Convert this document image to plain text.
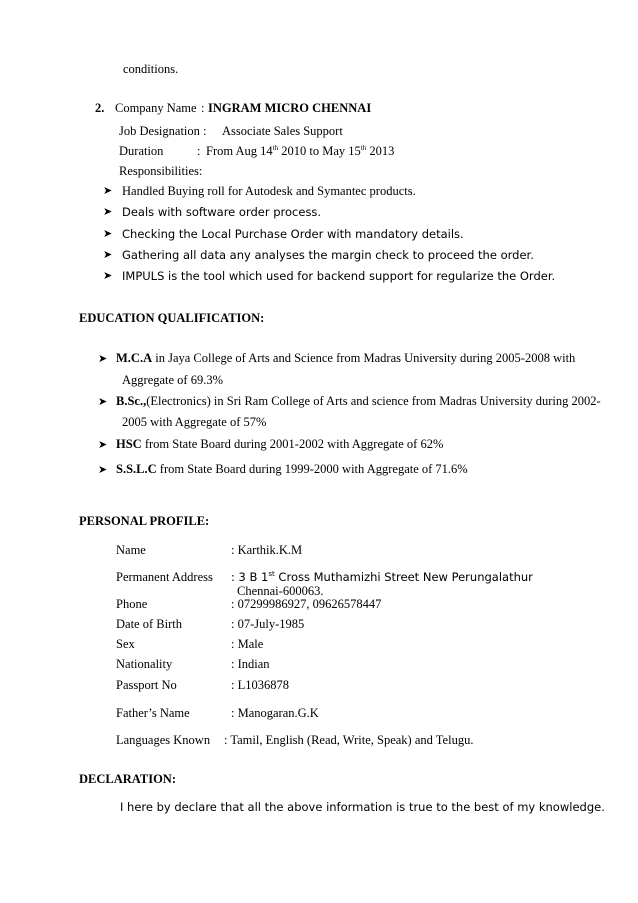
conditions.
2. Company Name : INGRAM MICRO CHENNAI
Job Designation : Associate Sales Support
Duration	: From Aug 14th 2010 to May 15th 2013
Responsibilities:
➤ Handled Buying roll for Autodesk and Symantec products.
➤ Deals with software order process.
➤ Checking the Local Purchase Order with mandatory details.
➤ Gathering all data any analyses the margin check to proceed the order.
➤ IMPULS is the tool which used for backend support for regularize the Order.
EDUCATION QUALIFICATION:
➤ M.C.A in Jaya College of Arts and Science from Madras University during 2005-2008 with
Aggregate of 69.3%
➤ B.Sc.,(Electronics) in Sri Ram College of Arts and science from Madras University during 2002-
2005 with Aggregate of 57%
➤ HSC from State Board during 2001-2002 with Aggregate of 62%
➤ S.S.L.C from State Board during 1999-2000 with Aggregate of 71.6%
PERSONAL PROFILE:
Name	: Karthik.K.M
Permanent Address : 3 B 1st Cross Muthamizhi Street New Perungalathur
Chennai-600063.
Phone	: 07299986927, 09626578447
Date of Birth	: 07-July-1985
Sex	: Male
Nationality	: Indian
Passport No	: L1036878
Father’s Name	: Manogaran.G.K
Languages Known : Tamil, English (Read, Write, Speak) and Telugu.
DECLARATION:
I here by declare that all the above information is true to the best of my knowledge.
